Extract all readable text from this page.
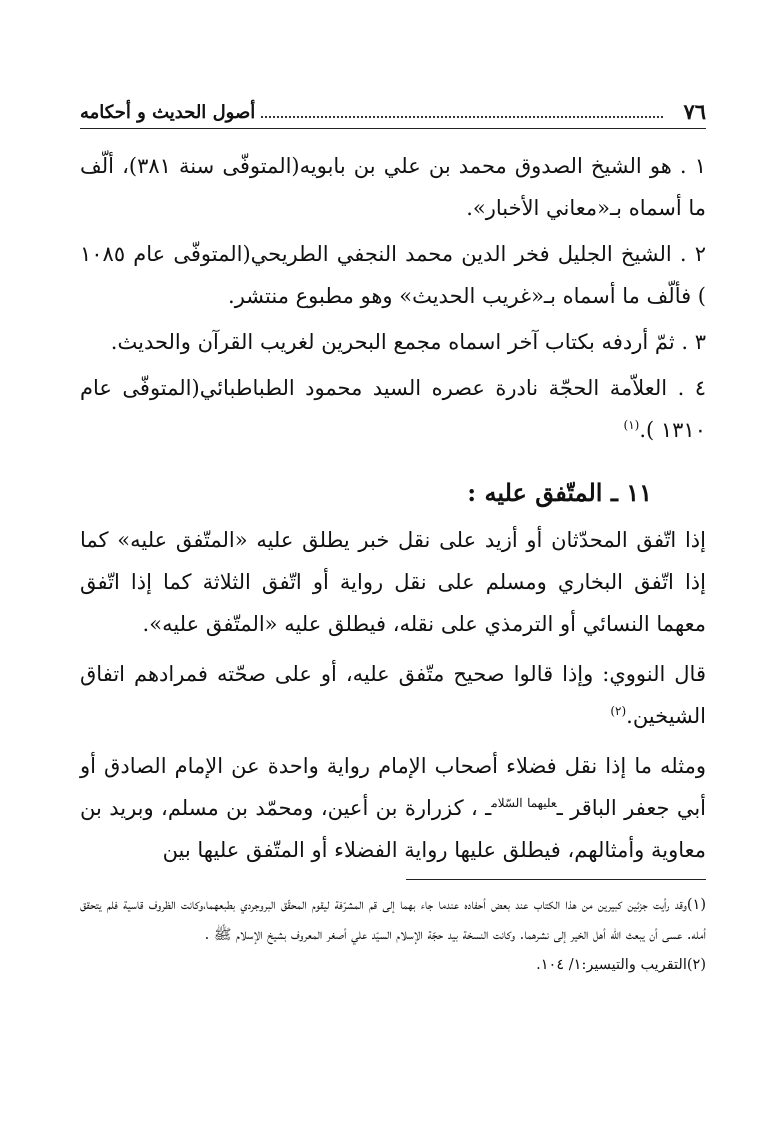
٧٦
أصول الحديث و أحكامه

١ . هو الشيخ الصدوق محمد بن علي بن بابويه(المتوفّى سنة ٣٨١)، ألّف ما أسماه بـ«معاني الأخبار».

٢ . الشيخ الجليل فخر الدين محمد النجفي الطريحي(المتوفّى عام ١٠٨٥ ) فألّف ما أسماه بـ«غريب الحديث» وهو مطبوع منتشر.

٣ . ثمّ أردفه بكتاب آخر اسماه مجمع البحرين لغريب القرآن والحديث.

٤ . العلاّمة الحجّة نادرة عصره السيد محمود الطباطبائي(المتوفّى عام ١٣١٠ ).$^{(١)}$

١١ ـ المتّفق عليه :

إذا اتّفق المحدّثان أو أزيد على نقل خبر يطلق عليه «المتّفق عليه» كما إذا اتّفق البخاري ومسلم على نقل رواية أو اتّفق الثلاثة كما إذا اتّفق معهما النسائي أو الترمذي على نقله، فيطلق عليه «المتّفق عليه».

قال النووي: وإذا قالوا صحيح متّفق عليه، أو على صحّته فمرادهم اتفاق الشيخين.$^{(٢)}$

ومثله ما إذا نقل فضلاء أصحاب الإمام رواية واحدة عن الإمام الصادق أو أبي جعفر الباقر ـ$^{عليهما السّلام}$ـ ، كزرارة بن أعين، ومحمّد بن مسلم، وبريد بن معاوية وأمثالهم، فيطلق عليها رواية الفضلاء أو المتّفق عليها بين

(١)وقد رأيت جزئين كبيرين من هذا الكتاب عند بعض أحفاده عندما جاء بهما إلى قم المشرّفة ليقوم المحقّق البروجردي بطبعهما،وكانت الظروف قاسية فلم يتحقق أمله. عسى أن يبعث الله أهل الخير إلى نشرهما. وكانت النسخة بيد حجّة الإسلام السيّد علي أصغر المعروف بشيخ الإسلام ﷺ .

(٢)التقريب والتيسير:١/ ١٠٤.
